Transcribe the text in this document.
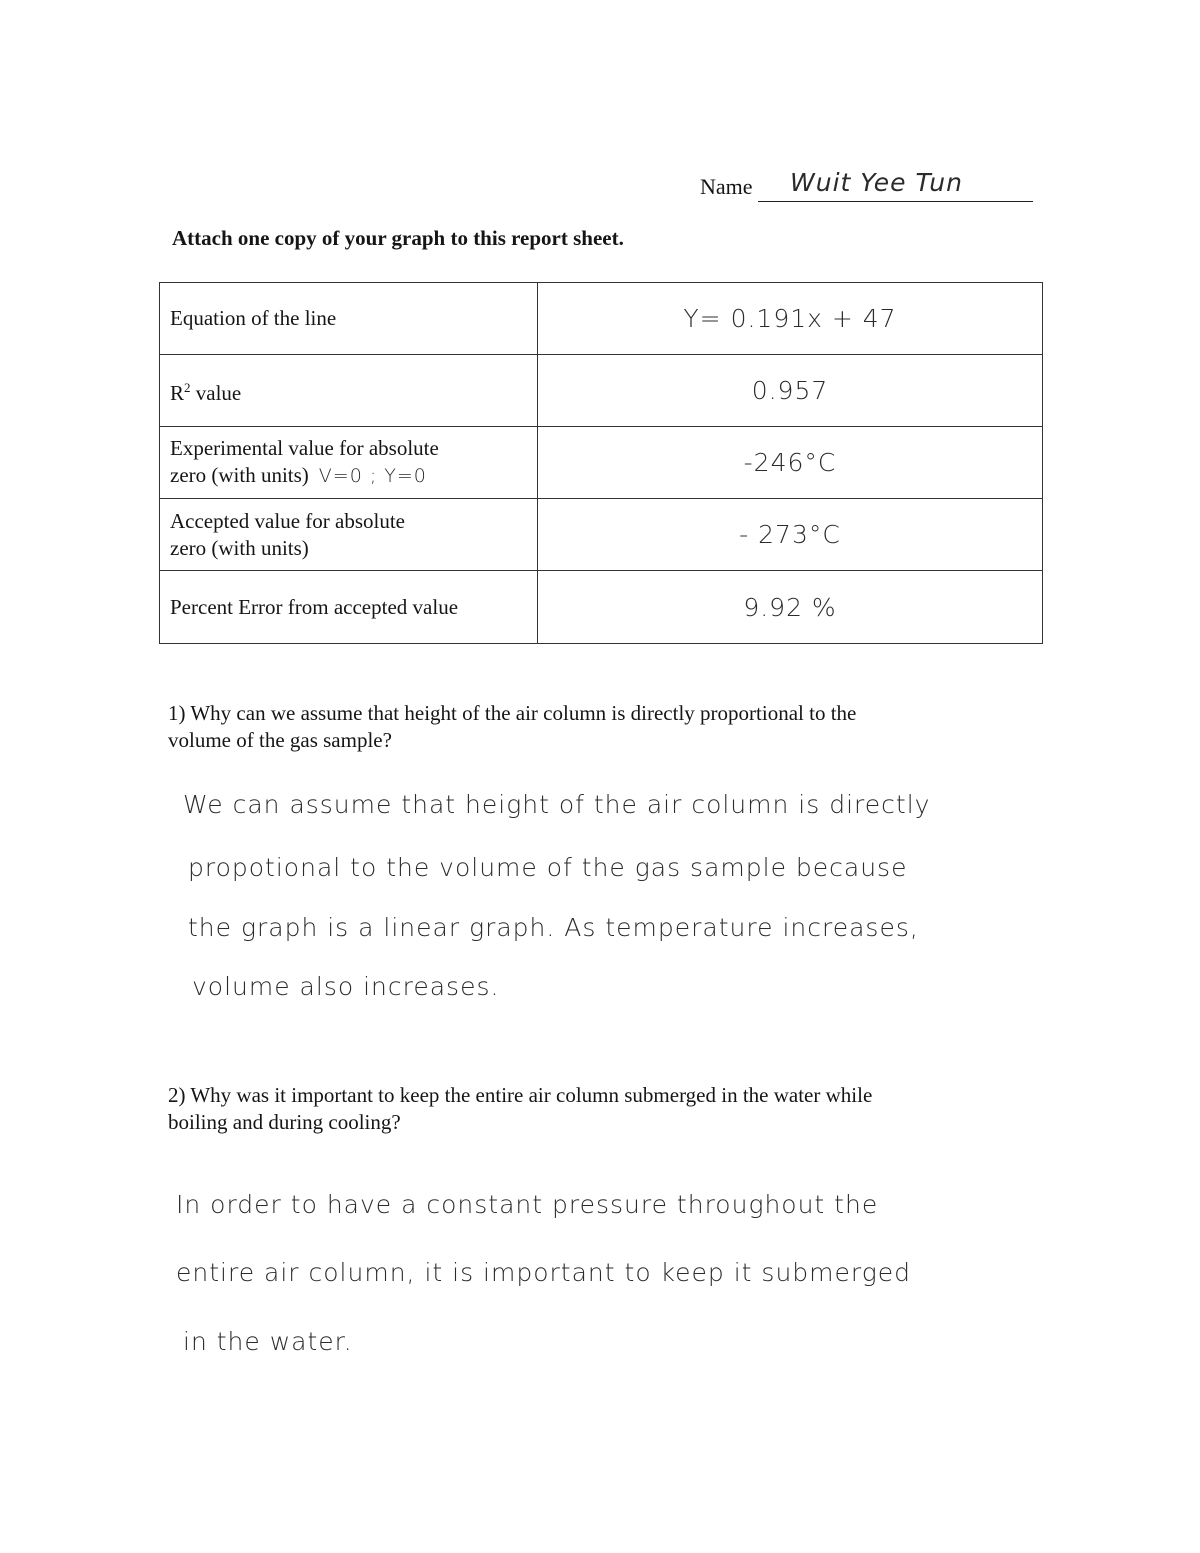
Name Wuit Yee Tun
Attach one copy of your graph to this report sheet.
Equation of the line	Y= 0.191x + 47
$R^2$ value	0.957
Experimental value for absolute
zero (with units) V=0 ; Y=0	-246°C
Accepted value for absolute
zero (with units)	- 273°C
Percent Error from accepted value	9.92 %
1) Why can we assume that height of the air column is directly proportional to the
volume of the gas sample?
We can assume that height of the air column is directly
propotional to the volume of the gas sample because
the graph is a linear graph. As temperature increases,
volume also increases.
2) Why was it important to keep the entire air column submerged in the water while
boiling and during cooling?
In order to have a constant pressure throughout the
entire air column, it is important to keep it submerged
in the water.
